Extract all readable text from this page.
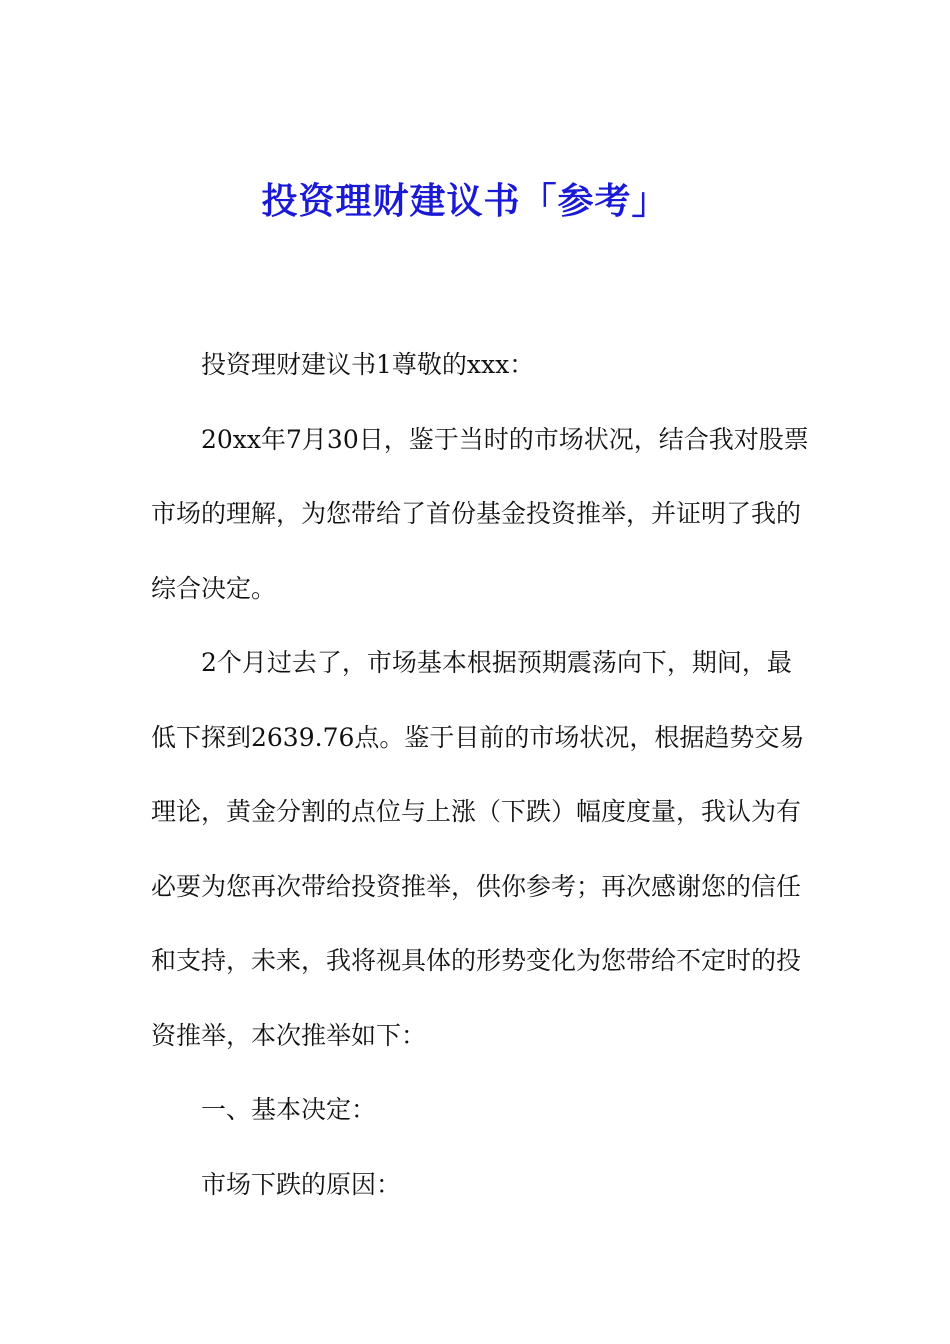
投资理财建议书「参考」

投资理财建议书1尊敬的xxx：

20xx年7月30日，鉴于当时的市场状况，结合我对股票市场的理解，为您带给了首份基金投资推举，并证明了我的综合决定。

2个月过去了，市场基本根据预期震荡向下，期间，最低下探到2639.76点。鉴于目前的市场状况，根据趋势交易理论，黄金分割的点位与上涨（下跌）幅度度量，我认为有必要为您再次带给投资推举，供你参考；再次感谢您的信任和支持，未来，我将视具体的形势变化为您带给不定时的投资推举，本次推举如下：

一、基本决定：

市场下跌的原因：
